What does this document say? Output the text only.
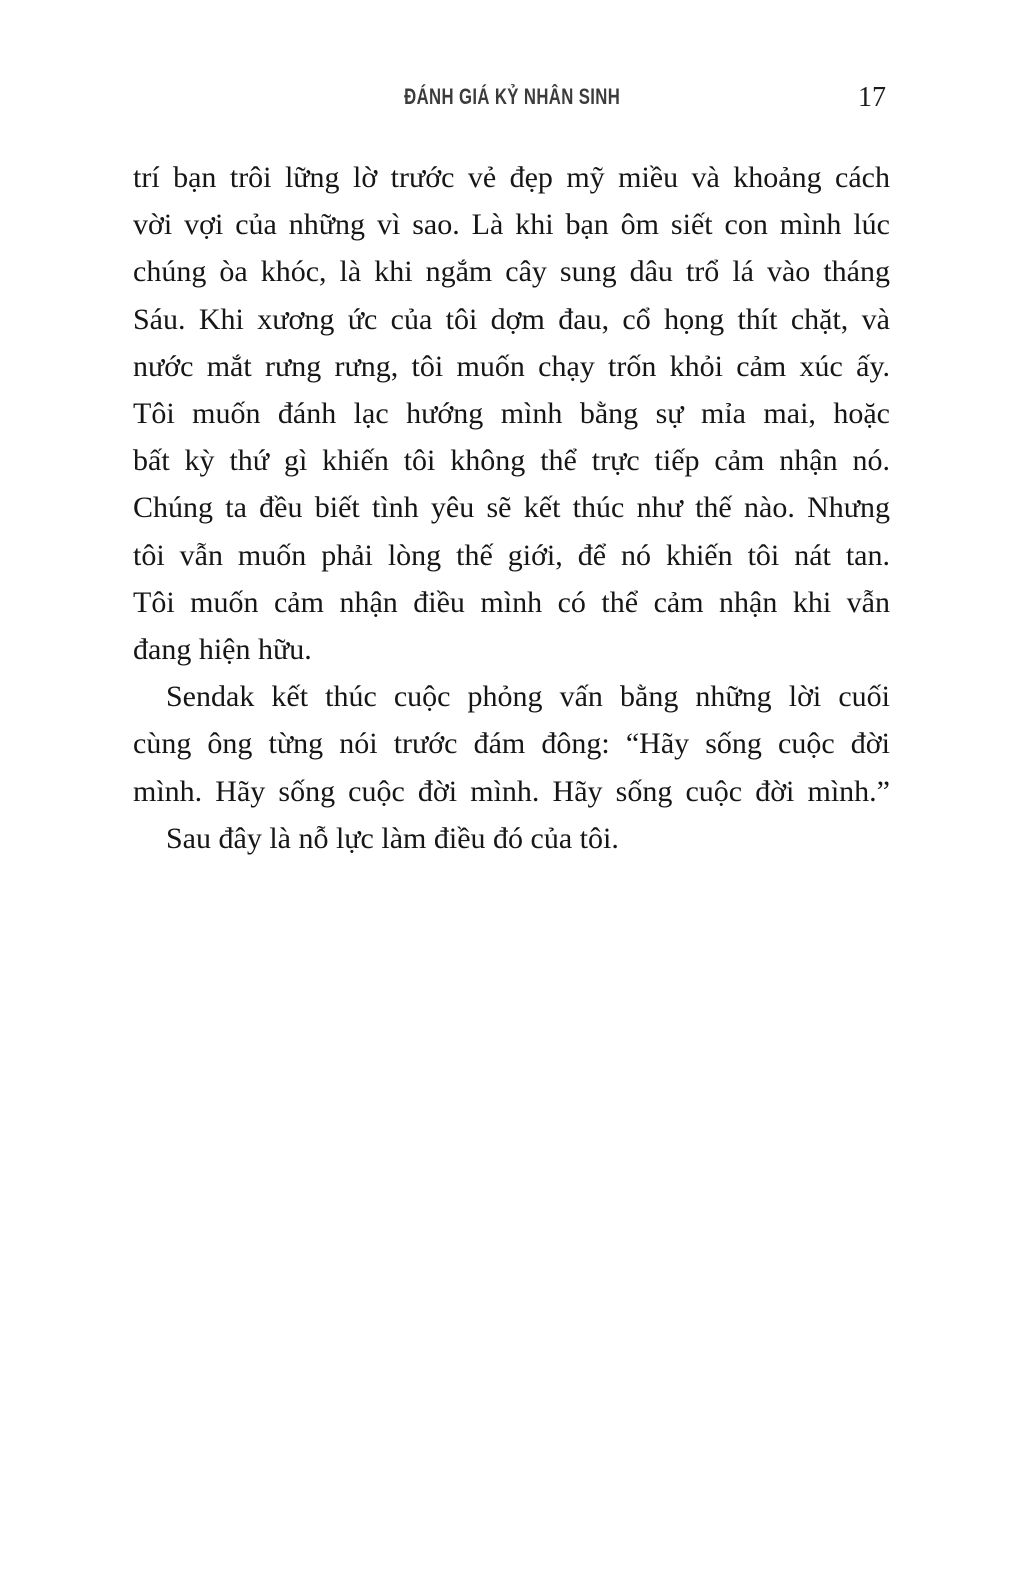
ĐÁNH GIÁ KỶ NHÂN SINH	17
trí bạn trôi lững lờ trước vẻ đẹp mỹ miều và khoảng cách
vời vợi của những vì sao. Là khi bạn ôm siết con mình lúc
chúng òa khóc, là khi ngắm cây sung dâu trổ lá vào tháng
Sáu. Khi xương ức của tôi dợm đau, cổ họng thít chặt, và
nước mắt rưng rưng, tôi muốn chạy trốn khỏi cảm xúc ấy.
Tôi muốn đánh lạc hướng mình bằng sự mỉa mai, hoặc
bất kỳ thứ gì khiến tôi không thể trực tiếp cảm nhận nó.
Chúng ta đều biết tình yêu sẽ kết thúc như thế nào. Nhưng
tôi vẫn muốn phải lòng thế giới, để nó khiến tôi nát tan.
Tôi muốn cảm nhận điều mình có thể cảm nhận khi vẫn
đang hiện hữu.
Sendak kết thúc cuộc phỏng vấn bằng những lời cuối
cùng ông từng nói trước đám đông: “Hãy sống cuộc đời
mình. Hãy sống cuộc đời mình. Hãy sống cuộc đời mình.”
Sau đây là nỗ lực làm điều đó của tôi.
